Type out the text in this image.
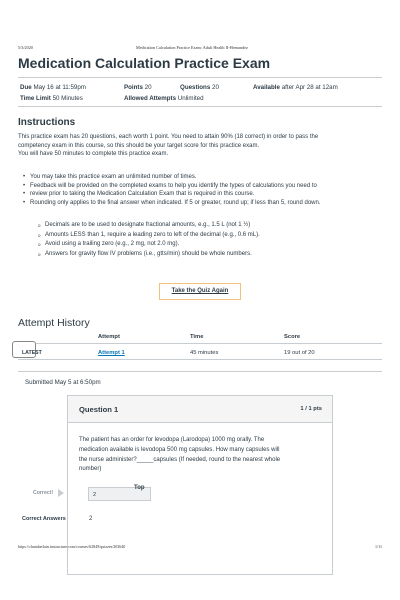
5/3/2020	Medication Calculation Practice Exam: Adult Health II-Hernandez
Medication Calculation Practice Exam
Due May 16 at 11:59pm	Points 20	Questions 20	Available after Apr 28 at 12am
Time Limit 50 Minutes	Allowed Attempts Unlimited
Instructions
This practice exam has 20 questions, each worth 1 point. You need to attain 90% (18 correct) in order to pass the
competency exam in this course, so this should be your target score for this practice exam.
You will have 50 minutes to complete this practice exam.
• You may take this practice exam an unlimited number of times.
• Feedback will be provided on the completed exams to help you identify the types of calculations you need to
• review prior to taking the Medication Calculation Exam that is required in this course.
• Rounding only applies to the final answer when indicated. If 5 or greater, round up; if less than 5, round down.
o Decimals are to be used to designate fractional amounts, e.g., 1.5 L (not 1 ½)
o Amounts LESS than 1, require a leading zero to left of the decimal (e.g., 0.6 mL).
o Avoid using a trailing zero (e.g., 2 mg, not 2.0 mg).
o Answers for gravity flow IV problems (i.e., gtts/min) should be whole numbers.
Take the Quiz Again
Attempt History
Attempt	Time	Score
LATEST	Attempt 1	45 minutes	19 out of 20
Submitted May 5 at 6:50pm
Question 1	1 / 1 pts
The patient has an order for levodopa (Larodopa) 1000 mg orally. The
medication available is levodopa 500 mg capsules. How many capsules will
the nurse administer?_____capsules (If needed, round to the nearest whole
number)
Correct!	2
Top
Correct Answers	2
https://chamberlain.instructure.com/courses/62849/quizzes/203640	1/11
